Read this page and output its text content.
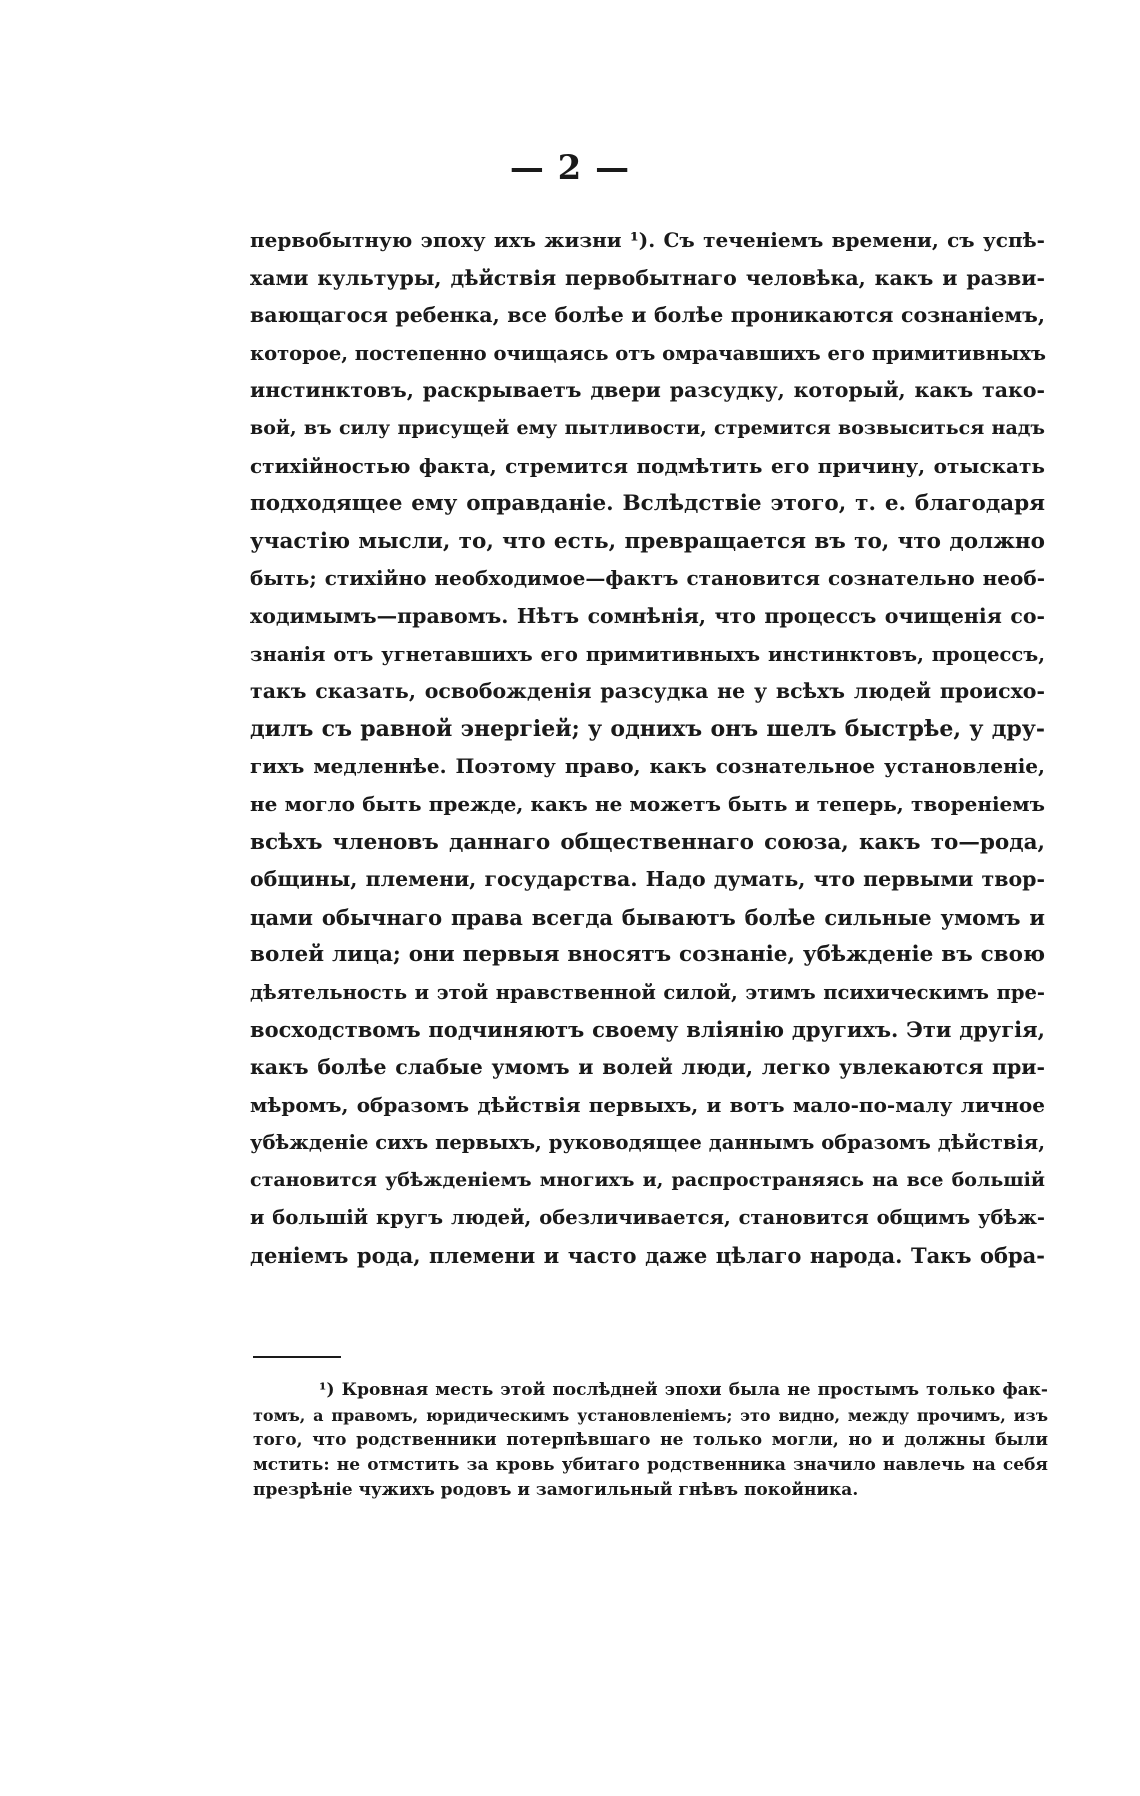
— 2 —
первобытную эпоху ихъ жизни ¹). Съ теченіемъ времени, съ успѣ-
хами культуры, дѣйствія первобытнаго человѣка, какъ и разви-
вающагося ребенка, все болѣе и болѣе проникаются сознаніемъ,
которое, постепенно очищаясь отъ омрачавшихъ его примитивныхъ
инстинктовъ, раскрываетъ двери разсудку, который, какъ тако-
вой, въ силу присущей ему пытливости, стремится возвыситься надъ
стихійностью факта, стремится подмѣтить его причину, отыскать
подходящее ему оправданіе. Вслѣдствіе этого, т. е. благодаря
участію мысли, то, что есть, превращается въ то, что должно
быть; стихійно необходимое—фактъ становится сознательно необ-
ходимымъ—правомъ. Нѣтъ сомнѣнія, что процессъ очищенія со-
знанія отъ угнетавшихъ его примитивныхъ инстинктовъ, процессъ,
такъ сказать, освобожденія разсудка не у всѣхъ людей происхо-
дилъ съ равной энергіей; у однихъ онъ шелъ быстрѣе, у дру-
гихъ медленнѣе. Поэтому право, какъ сознательное установленіе,
не могло быть прежде, какъ не можетъ быть и теперь, твореніемъ
всѣхъ членовъ даннаго общественнаго союза, какъ то—рода,
общины, племени, государства. Надо думать, что первыми твор-
цами обычнаго права всегда бываютъ болѣе сильные умомъ и
волей лица; они первыя вносятъ сознаніе, убѣжденіе въ свою
дѣятельность и этой нравственной силой, этимъ психическимъ пре-
восходствомъ подчиняютъ своему вліянію другихъ. Эти другія,
какъ болѣе слабые умомъ и волей люди, легко увлекаются при-
мѣромъ, образомъ дѣйствія первыхъ, и вотъ мало-по-малу личное
убѣжденіе сихъ первыхъ, руководящее даннымъ образомъ дѣйствія,
становится убѣжденіемъ многихъ и, распространяясь на все большій
и большій кругъ людей, обезличивается, становится общимъ убѣж-
деніемъ рода, племени и часто даже цѣлаго народа. Такъ обра-
¹) Кровная месть этой послѣдней эпохи была не простымъ только фак-
томъ, а правомъ, юридическимъ установленіемъ; это видно, между прочимъ, изъ
того, что родственники потерпѣвшаго не только могли, но и должны были
мстить: не отмстить за кровь убитаго родственника значило навлечь на себя
презрѣніе чужихъ родовъ и замогильный гнѣвъ покойника.
